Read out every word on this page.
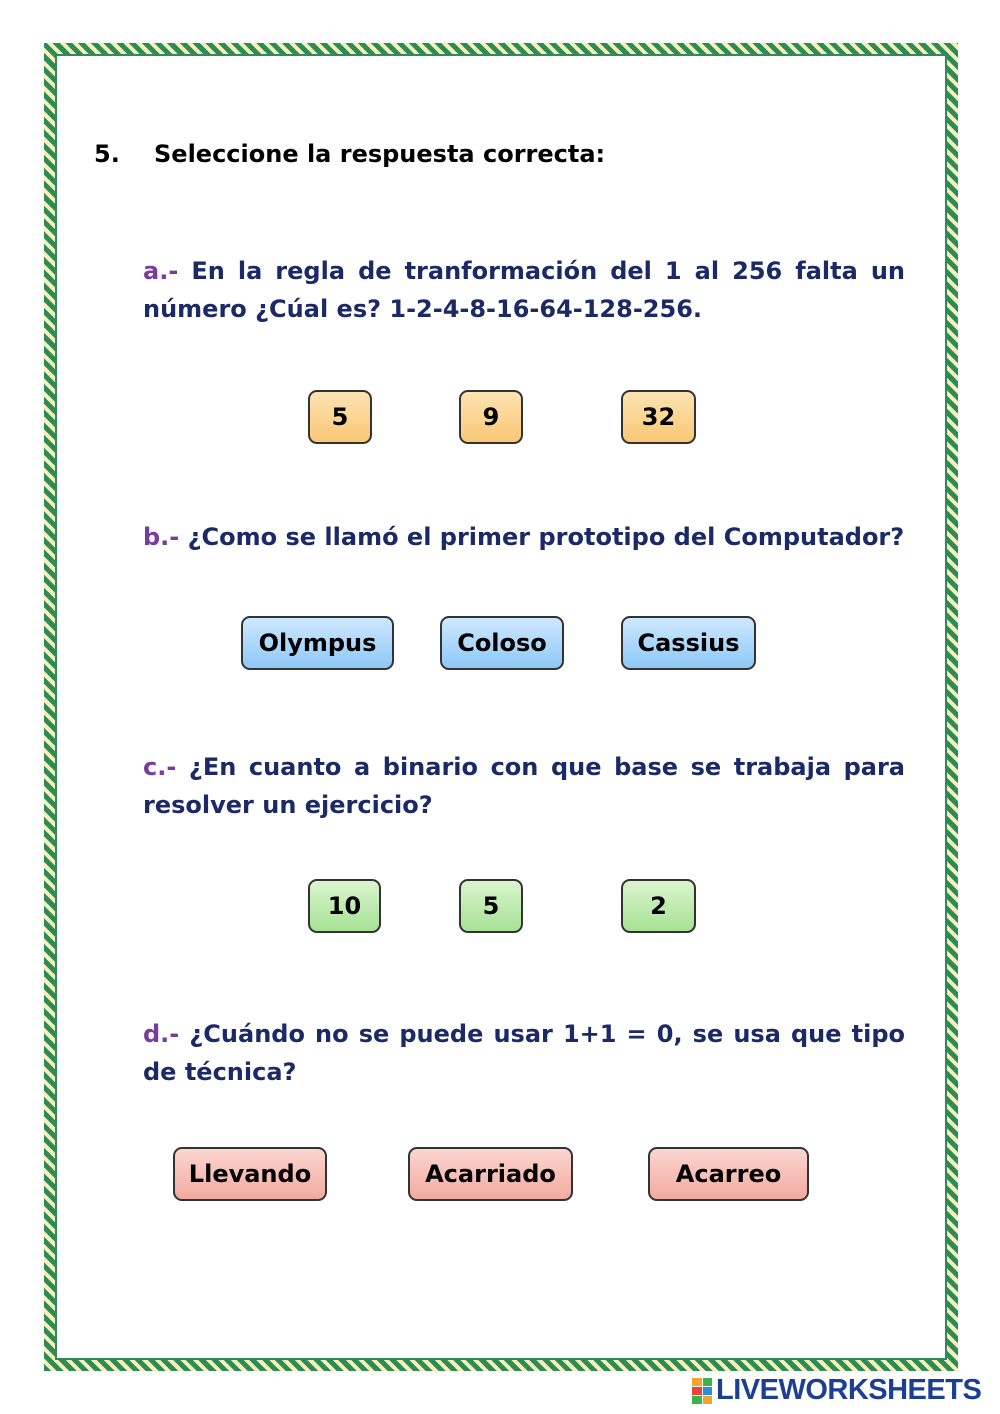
5. Seleccione la respuesta correcta:
a.- En la regla de tranformación del 1 al 256 falta un número ¿Cúal es? 1-2-4-8-16-64-128-256.
5	9	32
b.- ¿Como se llamó el primer prototipo del Computador?
Olympus	Coloso	Cassius
c.- ¿En cuanto a binario con que base se trabaja para resolver un ejercicio?
10	5	2
d.- ¿Cuándo no se puede usar 1+1 = 0, se usa que tipo de técnica?
Llevando	Acarriado	Acarreo
LIVEWORKSHEETS
